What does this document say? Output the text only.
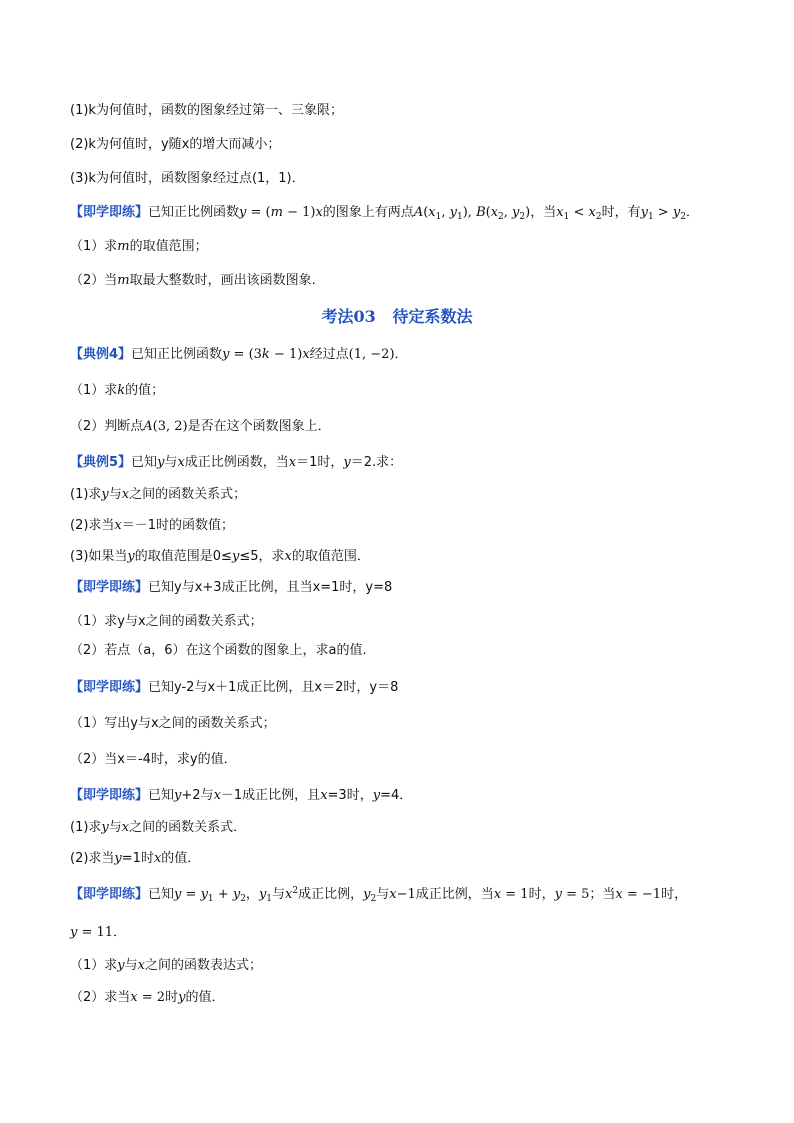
(1)k为何值时，函数的图象经过第一、三象限；
(2)k为何值时，y随x的增大而减小；
(3)k为何值时，函数图象经过点(1，1)．
【即学即练】已知正比例函数y = (m − 1)x的图象上有两点$A(x_1$, $y_1$), $B(x_2$, $y_2$)，当$x_1 < x_2$时，有$y_1 > y_2$．
（1）求m的取值范围；
（2）当m取最大整数时，画出该函数图象.
考法03 待定系数法
【典例4】已知正比例函数y = (3k − 1)x经过点(1, −2)．
（1）求k的值；
（2）判断点A(3, 2)是否在这个函数图象上．
【典例5】已知y与x成正比例函数，当x＝1时，y＝2.求：
(1)求y与x之间的函数关系式；
(2)求当x＝－1时的函数值；
(3)如果当y的取值范围是0≤y≤5，求x的取值范围．
【即学即练】已知y与x+3成正比例，且当x=1时，y=8
（1）求y与x之间的函数关系式；
（2）若点（a，6）在这个函数的图象上，求a的值.
【即学即练】已知y-2与x＋1成正比例，且x＝2时，y＝8
（1）写出y与x之间的函数关系式；
（2）当x＝-4时，求y的值．
【即学即练】已知y+2与x－1成正比例，且x=3时，y=4．
(1)求y与x之间的函数关系式．
(2)求当y=1时x的值．
【即学即练】已知$y = y_1 + y_2$，$y_1$与$x^2$成正比例，$y_2$与x−1成正比例，当x = 1时，y = 5；当x = −1时，
y = 11．
（1）求y与x之间的函数表达式；
（2）求当x = 2时y的值．
